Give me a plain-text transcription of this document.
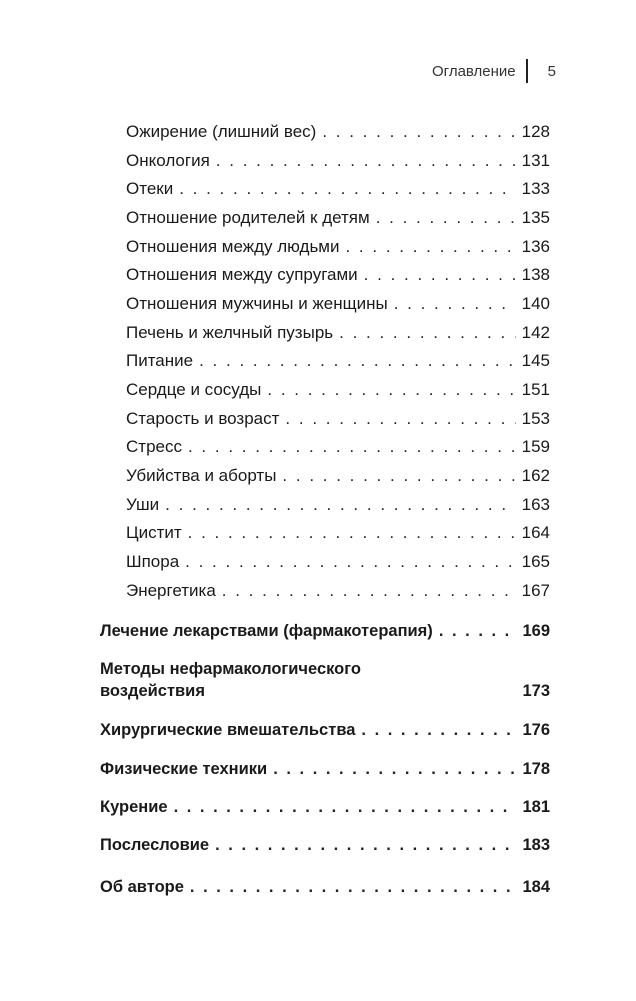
Оглавление 5
Ожирение (лишний вес) . . .	128
Онкология . . .	131
Отеки . . .	133
Отношение родителей к детям . . .	135
Отношения между людьми . . .	136
Отношения между супругами . . .	138
Отношения мужчины и женщины . . .	140
Печень и желчный пузырь . . .	142
Питание . . .	145
Сердце и сосуды . . .	151
Старость и возраст . . .	153
Стресс . . .	159
Убийства и аборты . . .	162
Уши . . .	163
Цистит . . .	164
Шпора . . .	165
Энергетика . . .	167
Лечение лекарствами (фармакотерапия) . . .	169
Методы нефармакологического
воздействия	173
Хирургические вмешательства . . .	176
Физические техники . . .	178
Курение . . .	181
Послесловие . . .	183
Об авторе . . .	184
